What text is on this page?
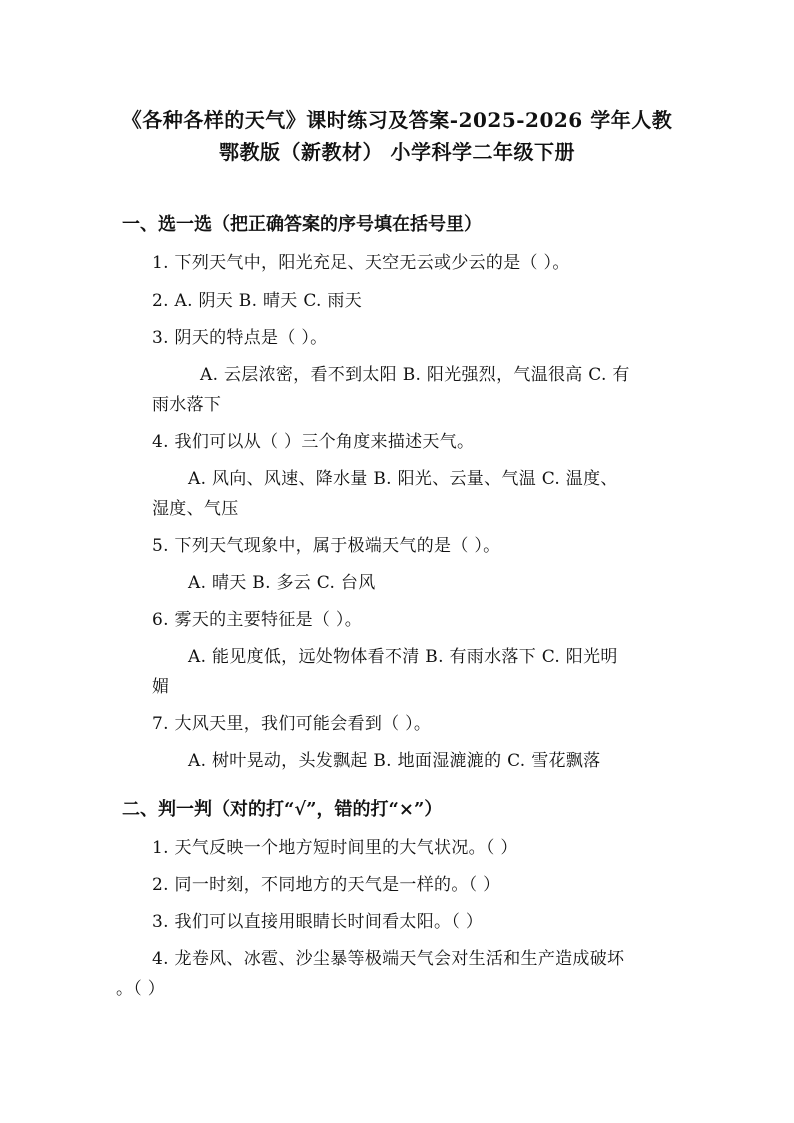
《各种各样的天气》课时练习及答案-2025-2026 学年人教
鄂教版（新教材） 小学科学二年级下册
一、选一选（把正确答案的序号填在括号里）
1. 下列天气中，阳光充足、天空无云或少云的是（ ）。
2. A. 阴天 B. 晴天 C. 雨天
3. 阴天的特点是（ ）。
A. 云层浓密，看不到太阳 B. 阳光强烈，气温很高 C. 有
雨水落下
4. 我们可以从（ ）三个角度来描述天气。
A. 风向、风速、降水量 B. 阳光、云量、气温 C. 温度、
湿度、气压
5. 下列天气现象中，属于极端天气的是（ ）。
A. 晴天 B. 多云 C. 台风
6. 雾天的主要特征是（ ）。
A. 能见度低，远处物体看不清 B. 有雨水落下 C. 阳光明
媚
7. 大风天里，我们可能会看到（ ）。
A. 树叶晃动，头发飘起 B. 地面湿漉漉的 C. 雪花飘落
二、判一判（对的打“√”，错的打“×”）
1. 天气反映一个地方短时间里的大气状况。（ ）
2. 同一时刻，不同地方的天气是一样的。（ ）
3. 我们可以直接用眼睛长时间看太阳。（ ）
4. 龙卷风、冰雹、沙尘暴等极端天气会对生活和生产造成破坏
。（ ）
